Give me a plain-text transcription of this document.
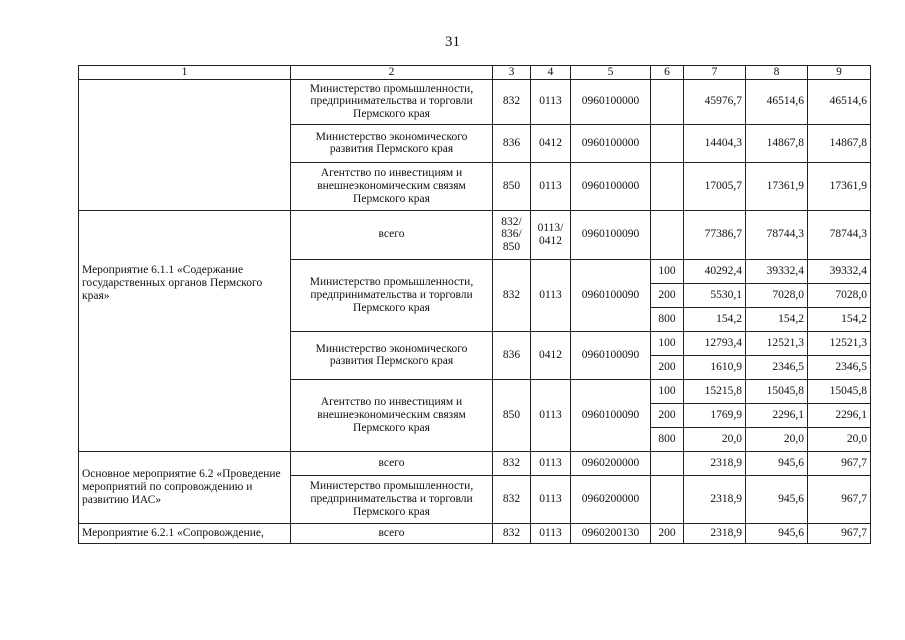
31
1	2	3	4	5	6	7	8	9
	Министерство промышленности, предпринимательства и торговли Пермского края	832	0113	0960100000		45976,7	46514,6	46514,6
	Министерство экономического развития Пермского края	836	0412	0960100000		14404,3	14867,8	14867,8
	Агентство по инвестициям и внешнеэкономическим связям Пермского края	850	0113	0960100000		17005,7	17361,9	17361,9
Мероприятие 6.1.1 «Содержание государственных органов Пермского края»	всего	832/ 836/ 850	0113/ 0412	0960100090		77386,7	78744,3	78744,3
	Министерство промышленности, предпринимательства и торговли Пермского края	832	0113	0960100090	100	40292,4	39332,4	39332,4
					200	5530,1	7028,0	7028,0
					800	154,2	154,2	154,2
	Министерство экономического развития Пермского края	836	0412	0960100090	100	12793,4	12521,3	12521,3
					200	1610,9	2346,5	2346,5
	Агентство по инвестициям и внешнеэкономическим связям Пермского края	850	0113	0960100090	100	15215,8	15045,8	15045,8
					200	1769,9	2296,1	2296,1
					800	20,0	20,0	20,0
Основное мероприятие 6.2 «Проведение мероприятий по сопровождению и развитию ИАС»	всего	832	0113	0960200000		2318,9	945,6	967,7
	Министерство промышленности, предпринимательства и торговли Пермского края	832	0113	0960200000		2318,9	945,6	967,7
Мероприятие 6.2.1 «Сопровождение,	всего	832	0113	0960200130	200	2318,9	945,6	967,7
